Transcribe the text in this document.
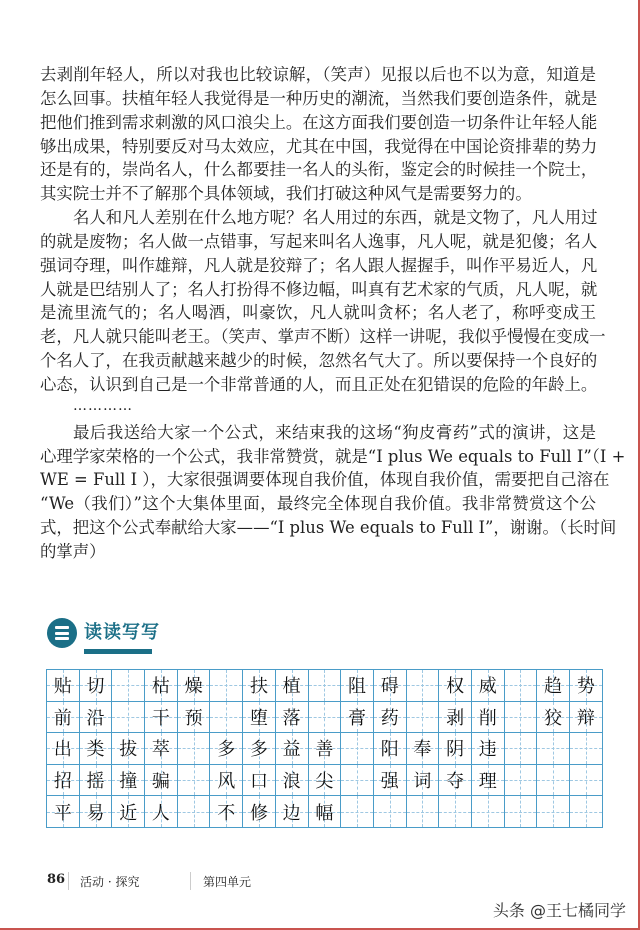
去剥削年轻人，所以对我也比较谅解，（笑声）见报以后也不以为意，知道是
怎么回事。扶植年轻人我觉得是一种历史的潮流，当然我们要创造条件，就是
把他们推到需求刺激的风口浪尖上。在这方面我们要创造一切条件让年轻人能
够出成果，特别要反对马太效应，尤其在中国，我觉得在中国论资排辈的势力
还是有的，崇尚名人，什么都要挂一名人的头衔，鉴定会的时候挂一个院士，
其实院士并不了解那个具体领域，我们打破这种风气是需要努力的。
名人和凡人差别在什么地方呢？名人用过的东西，就是文物了，凡人用过
的就是废物；名人做一点错事，写起来叫名人逸事，凡人呢，就是犯傻；名人
强词夺理，叫作雄辩，凡人就是狡辩了；名人跟人握握手，叫作平易近人，凡
人就是巴结别人了；名人打扮得不修边幅，叫真有艺术家的气质，凡人呢，就
是流里流气的；名人喝酒，叫豪饮，凡人就叫贪杯；名人老了，称呼变成王
老，凡人就只能叫老王。（笑声、掌声不断）这样一讲呢，我似乎慢慢在变成一
个名人了，在我贡献越来越少的时候，忽然名气大了。所以要保持一个良好的
心态，认识到自己是一个非常普通的人，而且正处在犯错误的危险的年龄上。
…………
最后我送给大家一个公式，来结束我的这场“狗皮膏药”式的演讲，这是
心理学家荣格的一个公式，我非常赞赏，就是“I plus We equals to Full I”（I +
WE = Full I ），大家很强调要体现自我价值，体现自我价值，需要把自己溶在
“We（我们）”这个大集体里面，最终完全体现自我价值。我非常赞赏这个公
式，把这个公式奉献给大家——“I plus We equals to Full I”，谢谢。（长时间
的掌声）
读读写写
贴 切	枯 燥	扶 植	阻 碍	权 威	趋 势
前 沿	干 预	堕 落	膏 药	剥 削	狡 辩
出 类 拔 萃	多 多 益 善	阳 奉 阴 违
招 摇 撞 骗	风 口 浪 尖	强 词 夺 理
平 易 近 人	不 修 边 幅
86 活动 · 探究	第四单元
头条 @王七橘同学
